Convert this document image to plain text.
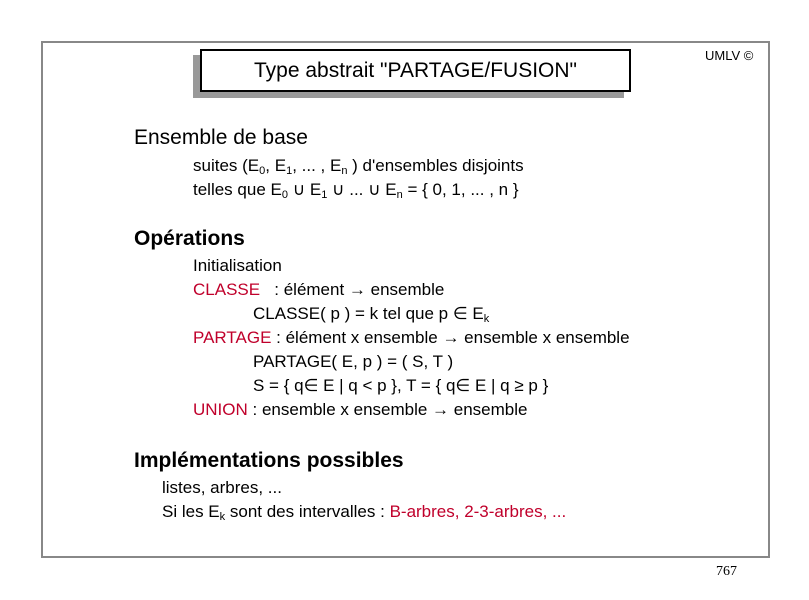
Type abstrait "PARTAGE/FUSION"
UMLV ©
Ensemble de base
suites ($E_0$, $E_1$, ... , $E_n$ ) d'ensembles disjoints
telles que $E_0$ ∪ $E_1$ ∪ ... ∪ $E_n$ = { 0, 1, ... , n }
Opérations
Initialisation
CLASSE   : élément → ensemble
CLASSE( p ) = k tel que p ∈ $E_k$
PARTAGE : élément x ensemble → ensemble x ensemble
PARTAGE( E, p ) = ( S, T )
S = { q∈ E | q < p }, T = { q∈ E | q ≥ p }
UNION : ensemble x ensemble → ensemble
Implémentations possibles
listes, arbres, ...
Si les $E_k$ sont des intervalles : B-arbres, 2-3-arbres, ...
767
